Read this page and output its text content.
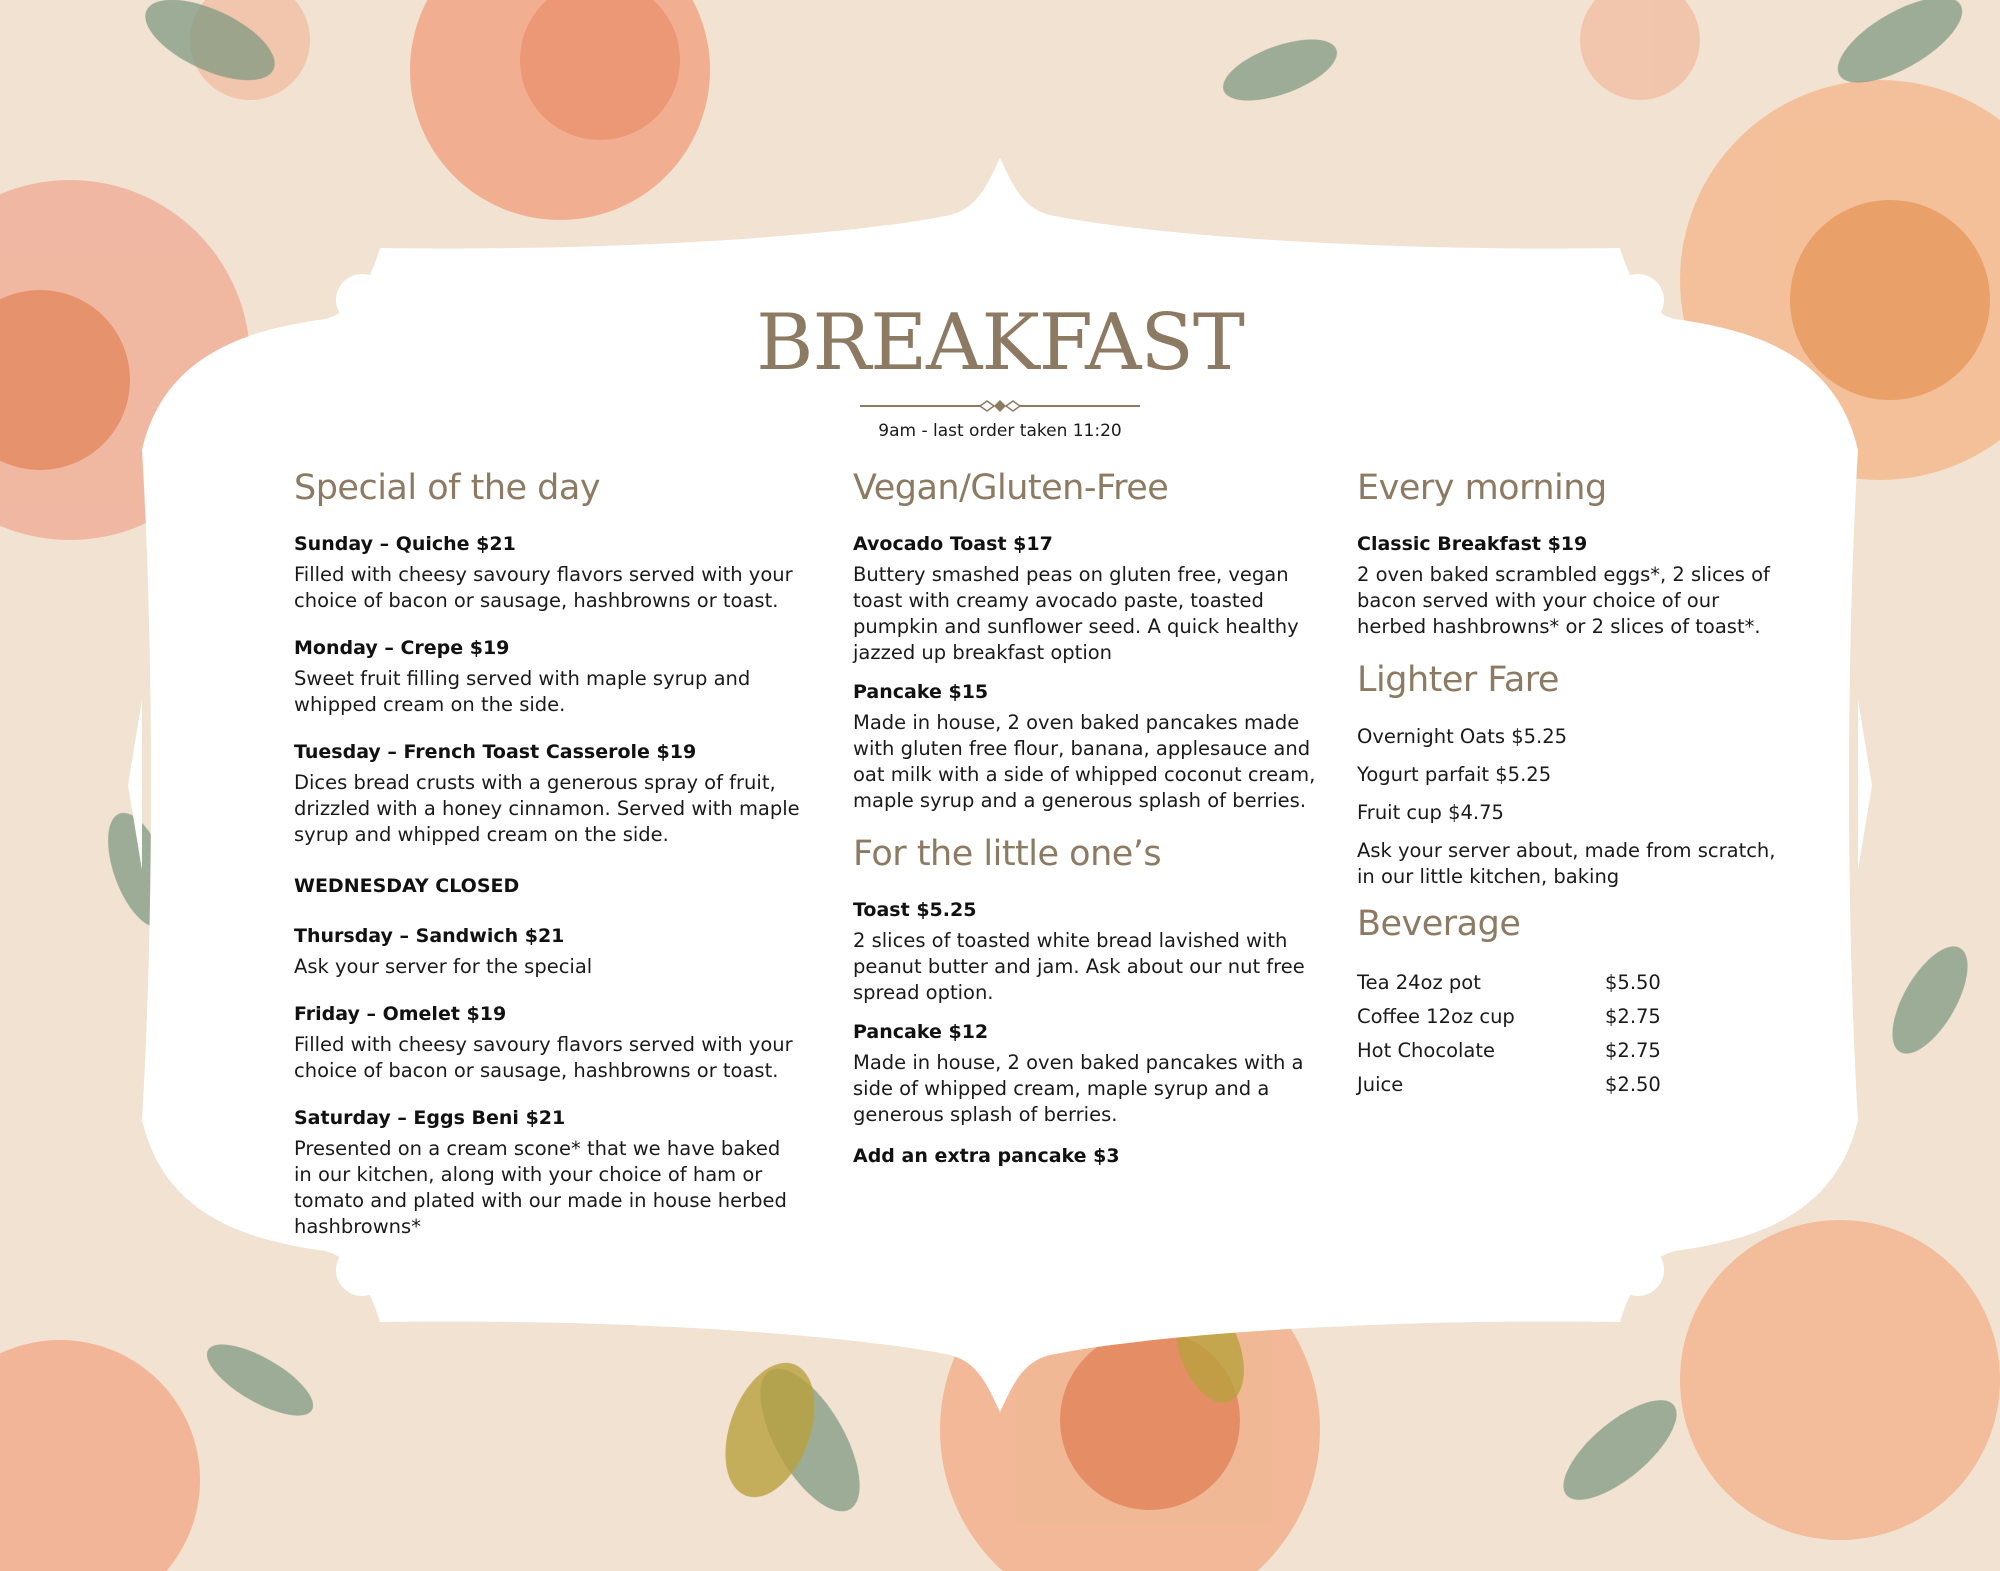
BREAKFAST
9am - last order taken 11:20
Special of the day
Sunday – Quiche $21
Filled with cheesy savoury flavors served with your choice of bacon or sausage, hashbrowns or toast.
Monday – Crepe $19
Sweet fruit filling served with maple syrup and whipped cream on the side.
Tuesday – French Toast Casserole $19
Dices bread crusts with a generous spray of fruit, drizzled with a honey cinnamon. Served with maple syrup and whipped cream on the side.
WEDNESDAY CLOSED
Thursday – Sandwich $21
Ask your server for the special
Friday – Omelet $19
Filled with cheesy savoury flavors served with your choice of bacon or sausage, hashbrowns or toast.
Saturday – Eggs Beni $21
Presented on a cream scone* that we have baked in our kitchen, along with your choice of ham or tomato and plated with our made in house herbed hashbrowns*
Vegan/Gluten-Free
Avocado Toast $17
Buttery smashed peas on gluten free, vegan toast with creamy avocado paste, toasted pumpkin and sunflower seed. A quick healthy jazzed up breakfast option
Pancake $15
Made in house, 2 oven baked pancakes made with gluten free flour, banana, applesauce and oat milk with a side of whipped coconut cream, maple syrup and a generous splash of berries.
For the little one’s
Toast $5.25
2 slices of toasted white bread lavished with peanut butter and jam. Ask about our nut free spread option.
Pancake $12
Made in house, 2 oven baked pancakes with a side of whipped cream, maple syrup and a generous splash of berries.
Add an extra pancake $3
Every morning
Classic Breakfast $19
2 oven baked scrambled eggs*, 2 slices of bacon served with your choice of our herbed hashbrowns* or 2 slices of toast*.
Lighter Fare
Overnight Oats $5.25
Yogurt parfait $5.25
Fruit cup $4.75
Ask your server about, made from scratch, in our little kitchen, baking
Beverage
Tea 24oz pot	$5.50
Coffee 12oz cup	$2.75
Hot Chocolate	$2.75
Juice	$2.50
